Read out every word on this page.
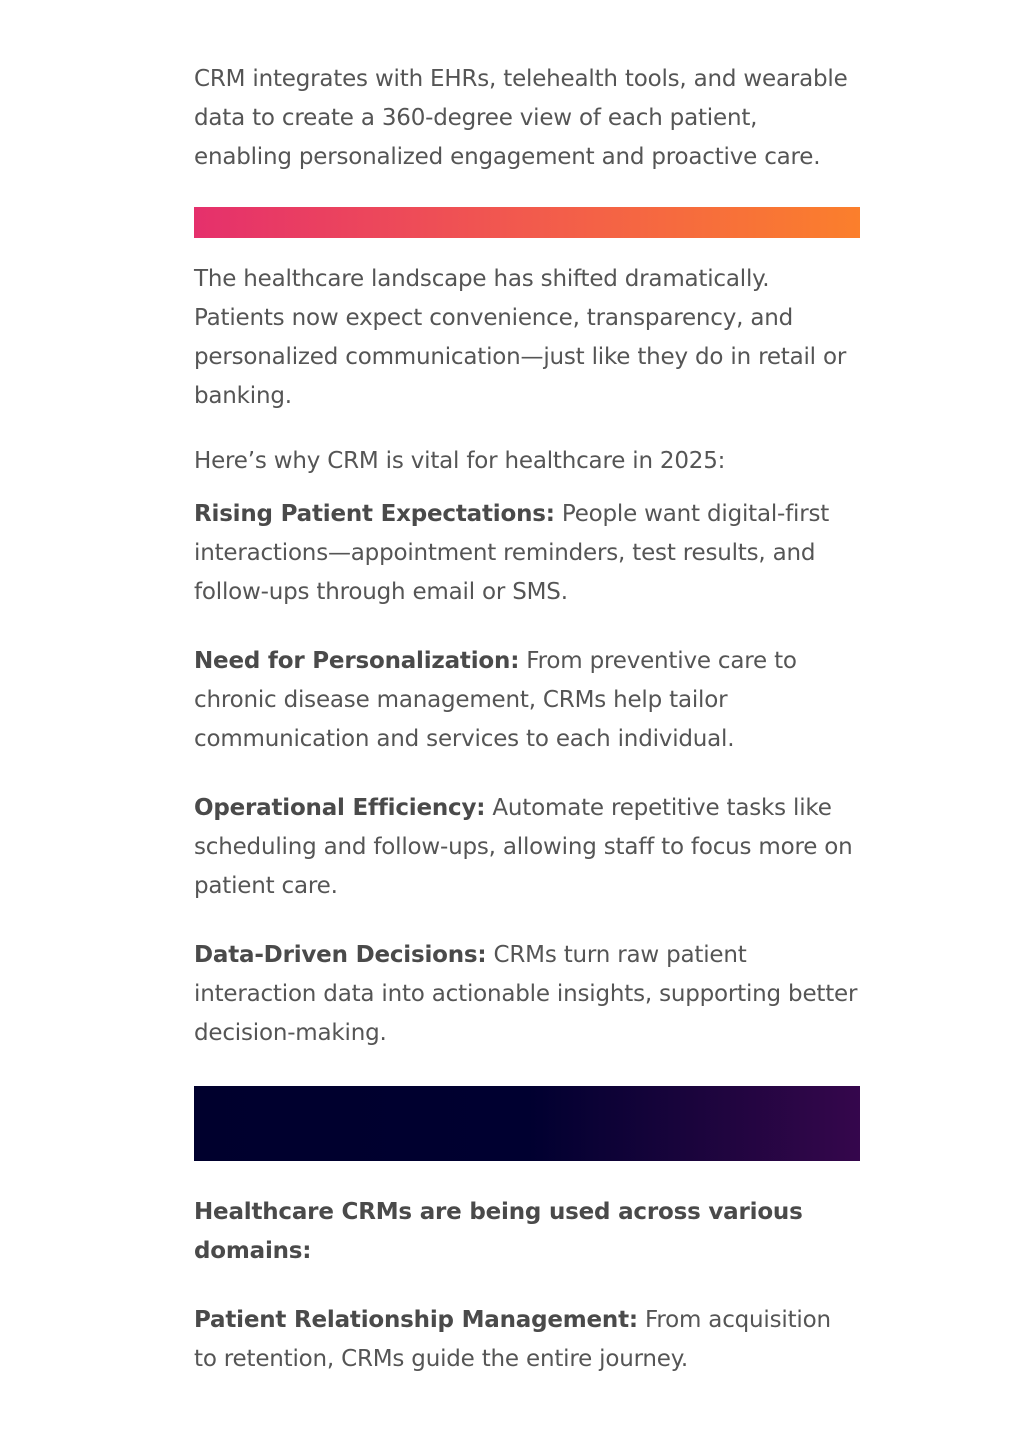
CRM integrates with EHRs, telehealth tools, and wearable data to create a 360-degree view of each patient, enabling personalized engagement and proactive care.

The healthcare landscape has shifted dramatically. Patients now expect convenience, transparency, and personalized communication—just like they do in retail or banking.

Here’s why CRM is vital for healthcare in 2025:

Rising Patient Expectations: People want digital-first interactions—appointment reminders, test results, and follow-ups through email or SMS.

Need for Personalization: From preventive care to chronic disease management, CRMs help tailor communication and services to each individual.

Operational Efficiency: Automate repetitive tasks like scheduling and follow-ups, allowing staff to focus more on patient care.

Data-Driven Decisions: CRMs turn raw patient interaction data into actionable insights, supporting better decision-making.

Healthcare CRMs are being used across various domains:

Patient Relationship Management: From acquisition to retention, CRMs guide the entire journey.
